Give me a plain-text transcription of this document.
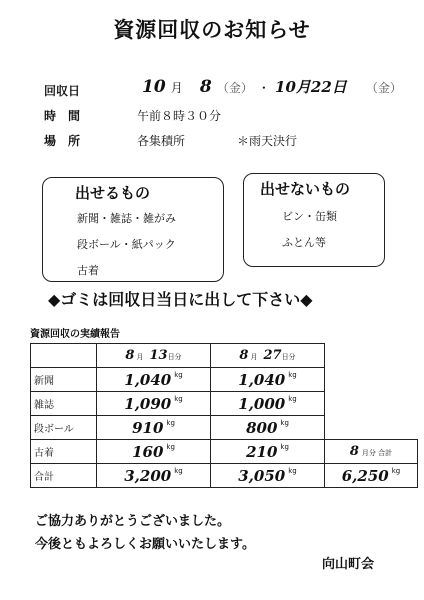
資源回収のお知らせ
回収日	10 月 8 （金） ・ 10月22日 （金）
時　間	午前８時３０分
場　所	各集積所	＊雨天決行
出せるもの
新聞・雑誌・雑がみ
段ボール・紙パック
古着
出せないもの
ビン・缶類
ふとん等
◆ゴミは回収日当日に出して下さい◆
資源回収の実績報告
	8 月 13日分	8 月 27日分	
新聞	1,040 $^{kg}$	1,040 $^{kg}$	
雑誌	1,090 $^{kg}$	1,000 $^{kg}$	
段ボール	910 $^{kg}$	800 $^{kg}$	
古着	160 $^{kg}$	210 $^{kg}$	8 月分 合計
合計	3,200 $^{kg}$	3,050 $^{kg}$	6,250 $^{kg}$
ご協力ありがとうございました。
今後ともよろしくお願いいたします。
向山町会
